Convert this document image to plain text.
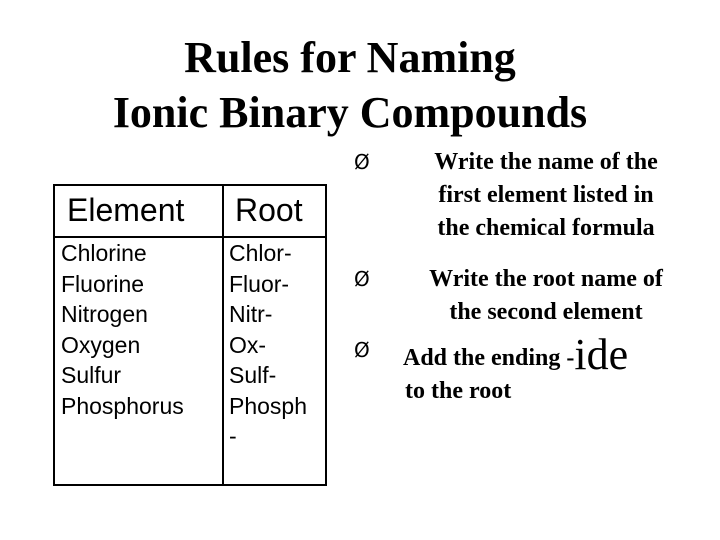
Rules for Naming
Ionic Binary Compounds
Element Root
Chlorine
Fluorine
Nitrogen
Oxygen
Sulfur
Phosphorus
Chlor-
Fluor-
Nitr-
Ox-
Sulf-
Phosph
-
Ø	Write the name of the
first element listed in
the chemical formula
Ø	Write the root name of
the second element
Ø Add the ending -ide
to the root
